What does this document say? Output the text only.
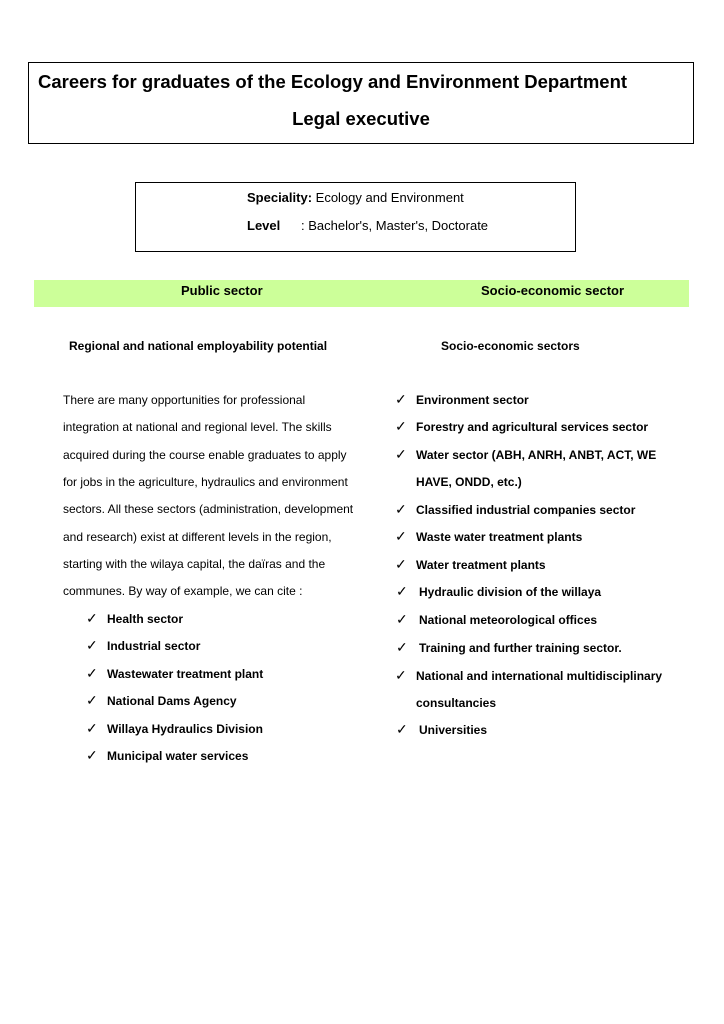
Careers for graduates of the Ecology and Environment Department
Legal executive
Speciality: Ecology and Environment
Level : Bachelor's, Master's, Doctorate
Public sector	Socio-economic sector
Regional and national employability potential	Socio-economic sectors
There are many opportunities for professional
integration at national and regional level. The skills
acquired during the course enable graduates to apply
for jobs in the agriculture, hydraulics and environment
sectors. All these sectors (administration, development
and research) exist at different levels in the region,
starting with the wilaya capital, the daïras and the
communes. By way of example, we can cite :
✓ Health sector
✓ Industrial sector
✓ Wastewater treatment plant
✓ National Dams Agency
✓ Willaya Hydraulics Division
✓ Municipal water services
✓ Environment sector
✓ Forestry and agricultural services sector
✓ Water sector (ABH, ANRH, ANBT, ACT, WE
HAVE, ONDD, etc.)
✓ Classified industrial companies sector
✓ Waste water treatment plants
✓ Water treatment plants
✓ Hydraulic division of the willaya
✓ National meteorological offices
✓ Training and further training sector.
✓ National and international multidisciplinary
consultancies
✓ Universities
